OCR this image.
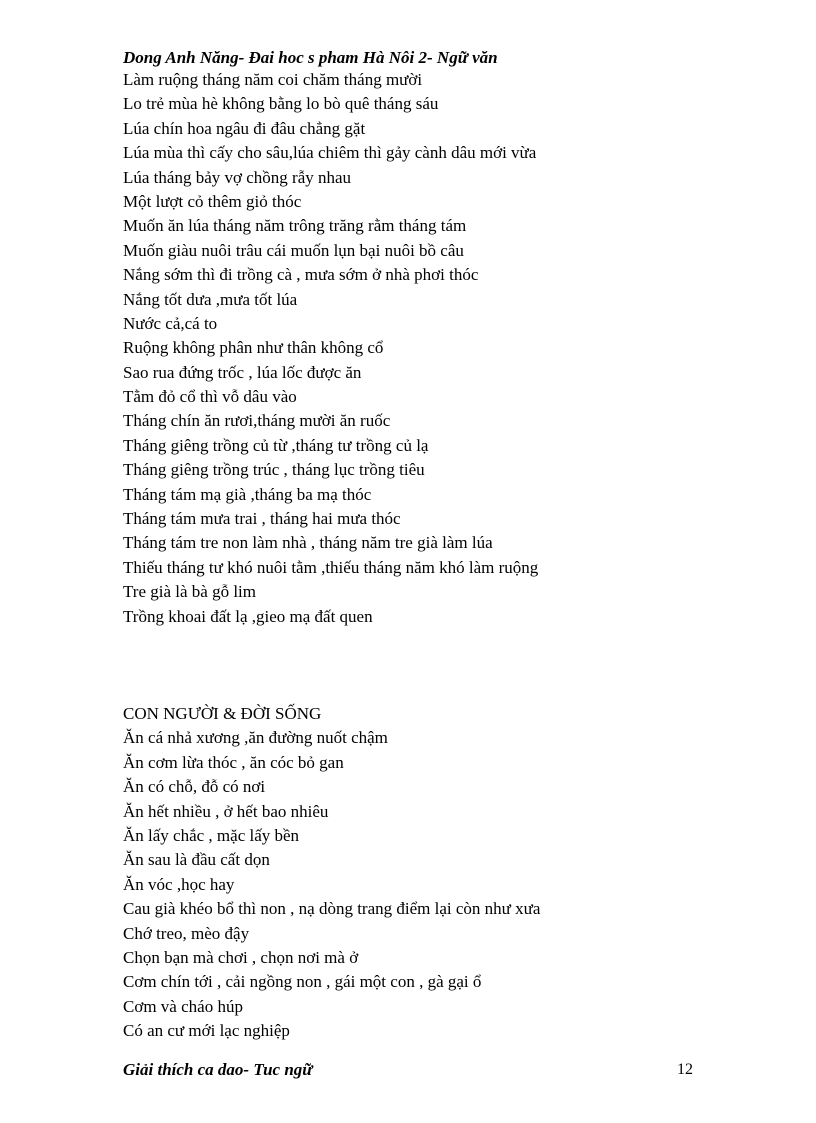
Dong Anh Năng- Đai hoc s pham Hà Nôi 2- Ngữ văn
Làm ruộng tháng năm coi chăm tháng mười
Lo trẻ mùa hè không bằng lo bò quê tháng sáu
Lúa chín hoa ngâu đi đâu chẳng gặt
Lúa mùa thì cấy cho sâu,lúa chiêm thì gảy cành dâu mới vừa
Lúa tháng bảy vợ chồng rẫy nhau
Một lượt cỏ thêm giỏ thóc
Muốn ăn lúa tháng năm trông trăng rằm tháng tám
Muốn giàu nuôi trâu cái muốn lụn bại nuôi bồ câu
Nắng sớm thì đi trồng cà , mưa sớm ở nhà phơi thóc
Nắng tốt dưa ,mưa tốt lúa
Nước cả,cá to
Ruộng không phân như thân không cổ
Sao rua đứng trốc , lúa lốc được ăn
Tằm đỏ cổ thì vỗ dâu vào
Tháng chín ăn rươi,tháng mười ăn ruốc
Tháng giêng trồng củ từ ,tháng tư trồng củ lạ
Tháng giêng trồng trúc , tháng lục trồng tiêu
Tháng tám mạ già ,tháng ba mạ thóc
Tháng tám mưa trai , tháng hai mưa thóc
Tháng tám tre non làm nhà , tháng năm tre già làm lúa
Thiếu tháng tư khó nuôi tằm ,thiếu tháng năm khó làm ruộng
Tre già là bà gỗ lim
Trồng khoai đất lạ ,gieo mạ đất quen
CON NGƯỜI & ĐỜI SỐNG
Ăn cá nhả xương ,ăn đường nuốt chậm
Ăn cơm lừa thóc , ăn cóc bỏ gan
Ăn có chỗ, đỗ có nơi
Ăn hết nhiều , ở hết bao nhiêu
Ăn lấy chắc , mặc lấy bền
Ăn sau là đầu cất dọn
Ăn vóc ,học hay
Cau già khéo bổ thì non , nạ dòng trang điểm lại còn như xưa
Chớ treo, mèo đậy
Chọn bạn mà chơi , chọn nơi mà ở
Cơm chín tới , cải ngồng non , gái một con , gà gại ổ
Cơm và cháo húp
Có an cư mới lạc nghiệp
Giải thích ca dao- Tuc ngữ	12
